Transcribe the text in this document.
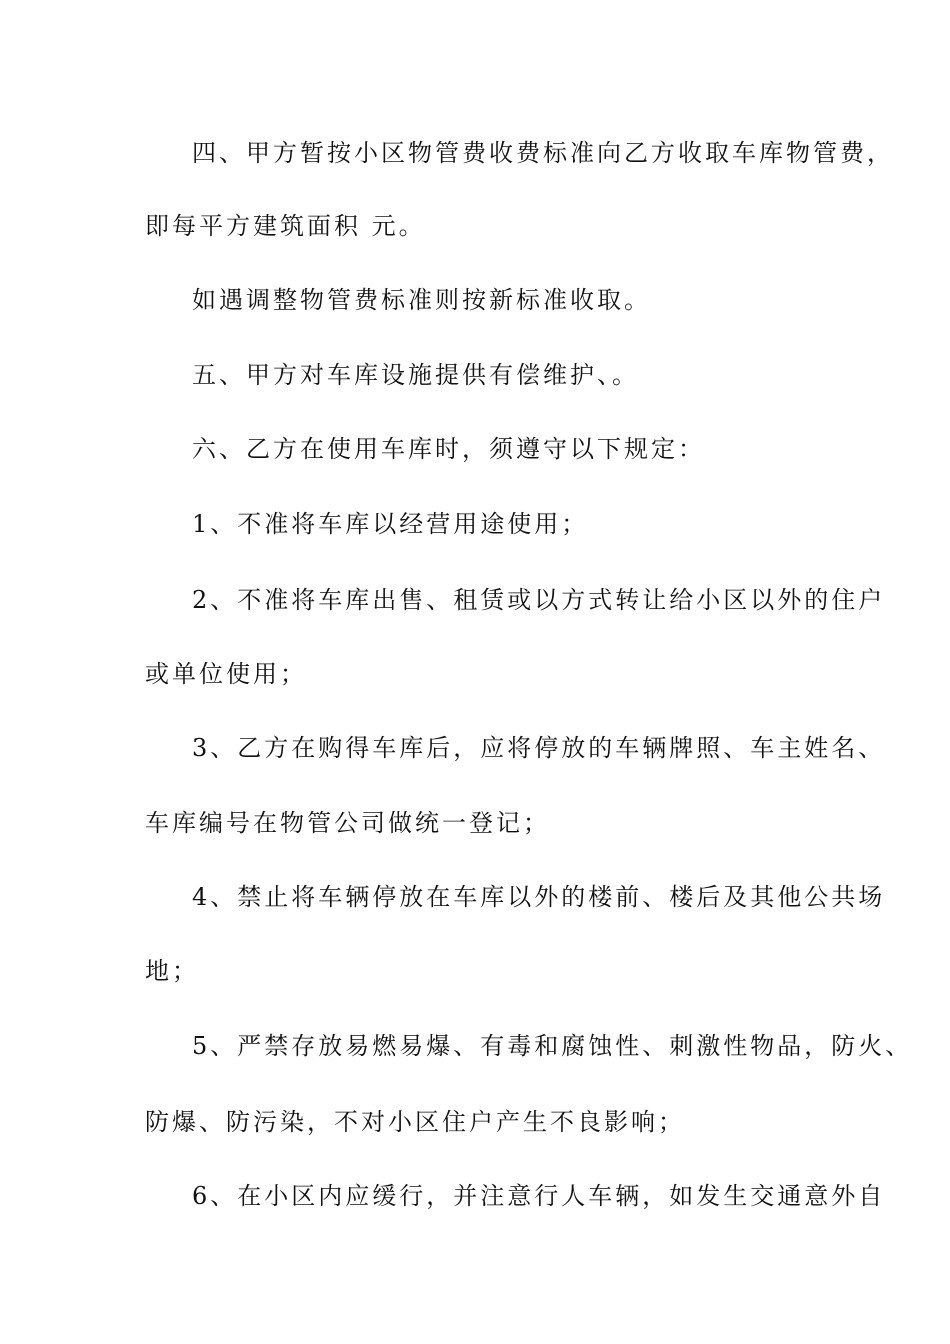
四、甲方暂按小区物管费收费标准向乙方收取车库物管费，
即每平方建筑面积 元。
如遇调整物管费标准则按新标准收取。
五、甲方对车库设施提供有偿维护、。
六、乙方在使用车库时，须遵守以下规定：
1、不准将车库以经营用途使用；
2、不准将车库出售、租赁或以方式转让给小区以外的住户
或单位使用；
3、乙方在购得车库后，应将停放的车辆牌照、车主姓名、
车库编号在物管公司做统一登记；
4、禁止将车辆停放在车库以外的楼前、楼后及其他公共场
地；
5、严禁存放易燃易爆、有毒和腐蚀性、刺激性物品，防火、
防爆、防污染，不对小区住户产生不良影响；
6、在小区内应缓行，并注意行人车辆，如发生交通意外自
